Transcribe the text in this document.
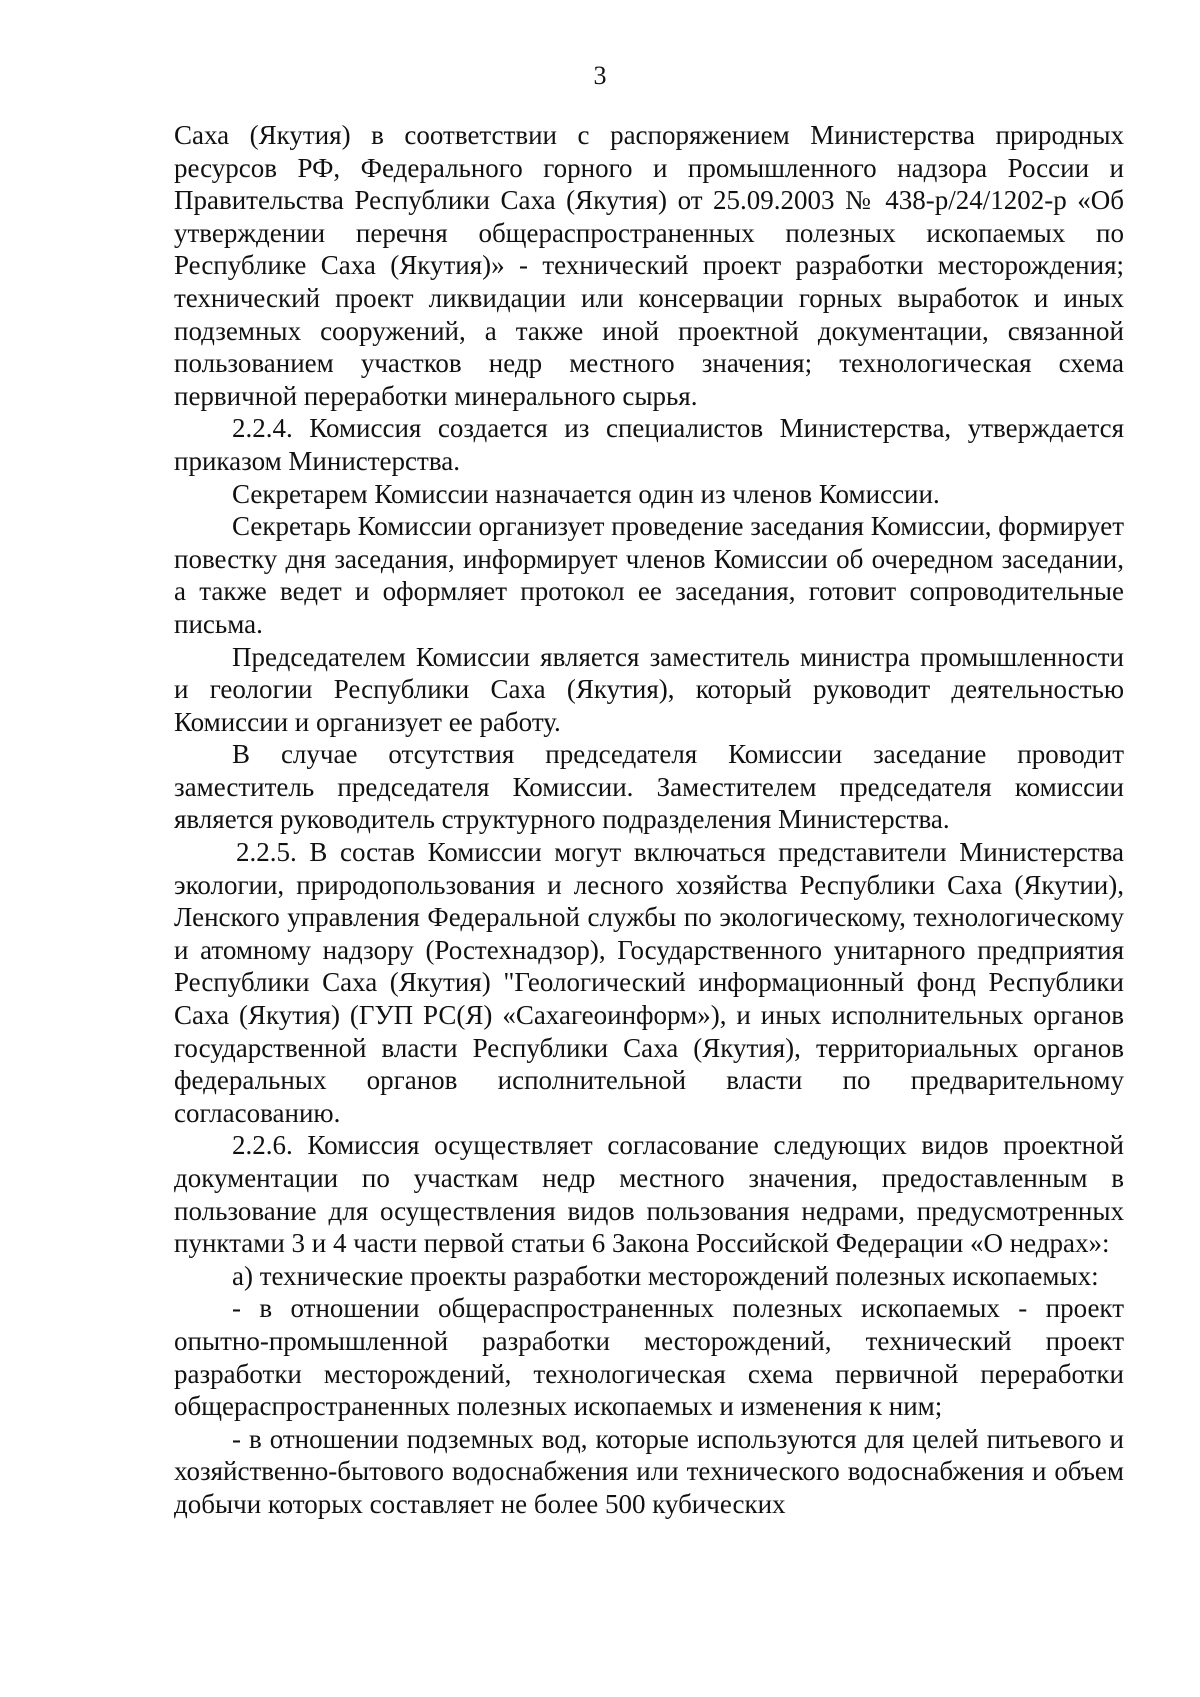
3

Саха (Якутия) в соответствии с распоряжением Министерства природных ресурсов РФ, Федерального горного и промышленного надзора России и Правительства Республики Саха (Якутия) от 25.09.2003 № 438-р/24/1202-р «Об утверждении перечня общераспространенных полезных ископаемых по Республике Саха (Якутия)» - технический проект разработки месторождения; технический проект ликвидации или консервации горных выработок и иных подземных сооружений, а также иной проектной документации, связанной пользованием участков недр местного значения; технологическая схема первичной переработки минерального сырья.

2.2.4. Комиссия создается из специалистов Министерства, утверждается приказом Министерства.

Секретарем Комиссии назначается один из членов Комиссии.

Секретарь Комиссии организует проведение заседания Комиссии, формирует повестку дня заседания, информирует членов Комиссии об очередном заседании, а также ведет и оформляет протокол ее заседания, готовит сопроводительные письма.

Председателем Комиссии является заместитель министра промышленности и геологии Республики Саха (Якутия), который руководит деятельностью Комиссии и организует ее работу.

В случае отсутствия председателя Комиссии заседание проводит заместитель председателя Комиссии. Заместителем председателя комиссии является руководитель структурного подразделения Министерства.

2.2.5. В состав Комиссии могут включаться представители Министерства экологии, природопользования и лесного хозяйства Республики Саха (Якутии), Ленского управления Федеральной службы по экологическому, технологическому и атомному надзору (Ростехнадзор), Государственного унитарного предприятия Республики Саха (Якутия) "Геологический информационный фонд Республики Саха (Якутия) (ГУП РС(Я) «Сахагеоинформ»), и иных исполнительных органов государственной власти Республики Саха (Якутия), территориальных органов федеральных органов исполнительной власти по предварительному согласованию.

2.2.6. Комиссия осуществляет согласование следующих видов проектной документации по участкам недр местного значения, предоставленным в пользование для осуществления видов пользования недрами, предусмотренных пунктами 3 и 4 части первой статьи 6 Закона Российской Федерации «О недрах»:

а) технические проекты разработки месторождений полезных ископаемых:

- в отношении общераспространенных полезных ископаемых - проект опытно-промышленной разработки месторождений, технический проект разработки месторождений, технологическая схема первичной переработки общераспространенных полезных ископаемых и изменения к ним;

- в отношении подземных вод, которые используются для целей питьевого и хозяйственно-бытового водоснабжения или технического водоснабжения и объем добычи которых составляет не более 500 кубических
